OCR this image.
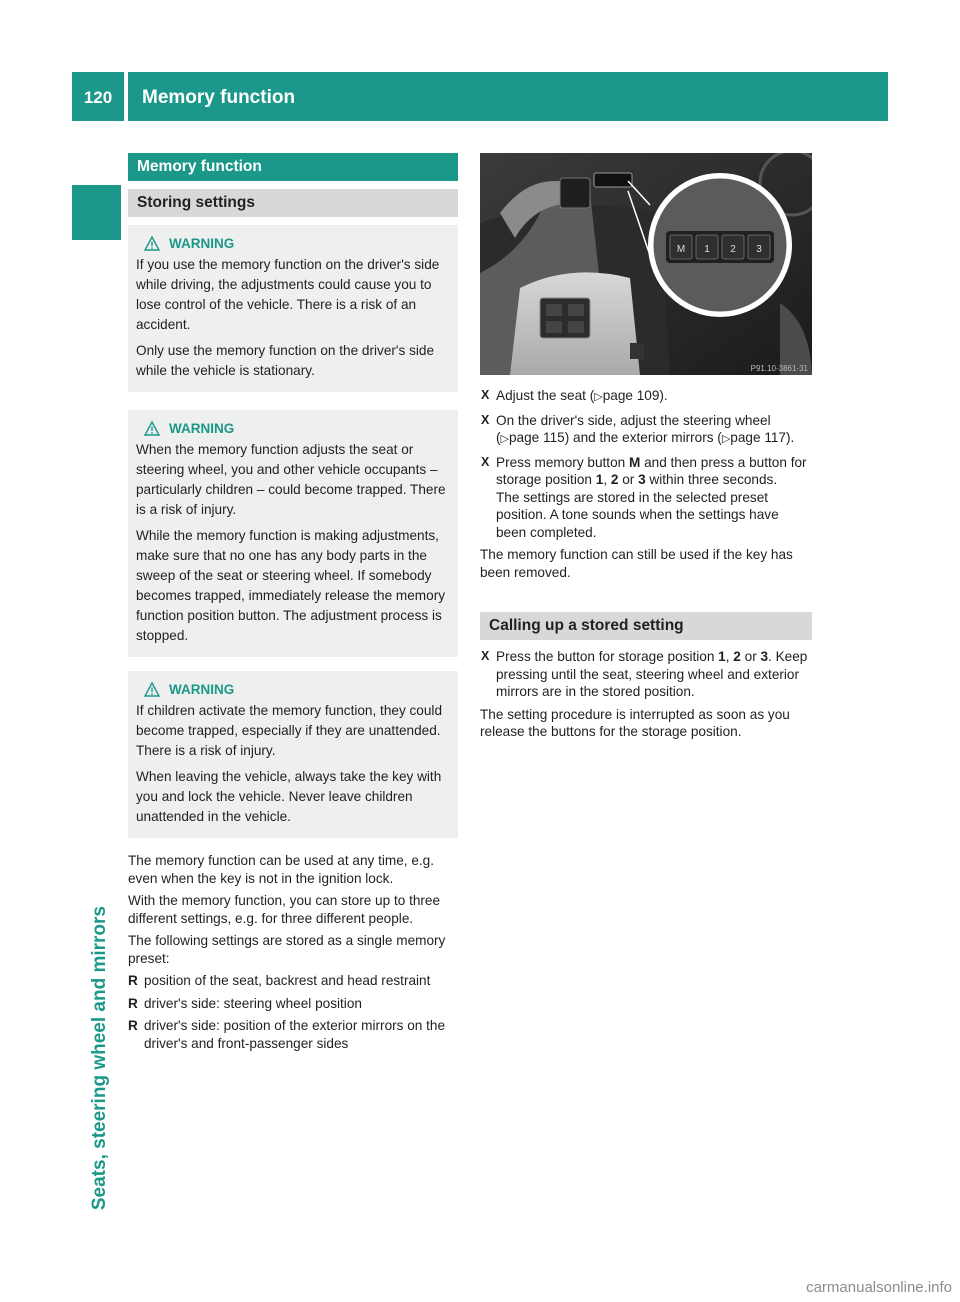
120	Memory function
Seats, steering wheel and mirrors
Memory function
Storing settings
WARNING

If you use the memory function on the driver's side while driving, the adjustments could cause you to lose control of the vehicle. There is a risk of an accident.

Only use the memory function on the driver's side while the vehicle is stationary.

WARNING

When the memory function adjusts the seat or steering wheel, you and other vehicle occupants – particularly children – could become trapped. There is a risk of injury.

While the memory function is making adjustments, make sure that no one has any body parts in the sweep of the seat or steering wheel. If somebody becomes trapped, immediately release the memory function position button. The adjustment process is stopped.

WARNING

If children activate the memory function, they could become trapped, especially if they are unattended. There is a risk of injury.

When leaving the vehicle, always take the key with you and lock the vehicle. Never leave children unattended in the vehicle.

The memory function can be used at any time, e.g. even when the key is not in the ignition lock.

With the memory function, you can store up to three different settings, e.g. for three different people.

The following settings are stored as a single memory preset:

R position of the seat, backrest and head restraint
R driver's side: steering wheel position
R driver's side: position of the exterior mirrors on the driver's and front-passenger sides
M 1 2 3
P91.10-3861-31
X Adjust the seat (▷page 109).
X On the driver's side, adjust the steering wheel (▷page 115) and the exterior mirrors (▷page 117).
X Press memory button M and then press a button for storage position 1, 2 or 3 within three seconds.
The settings are stored in the selected preset position. A tone sounds when the settings have been completed.

The memory function can still be used if the key has been removed.

Calling up a stored setting
X Press the button for storage position 1, 2 or 3. Keep pressing until the seat, steering wheel and exterior mirrors are in the stored position.

The setting procedure is interrupted as soon as you release the buttons for the storage position.

carmanualsonline.info
